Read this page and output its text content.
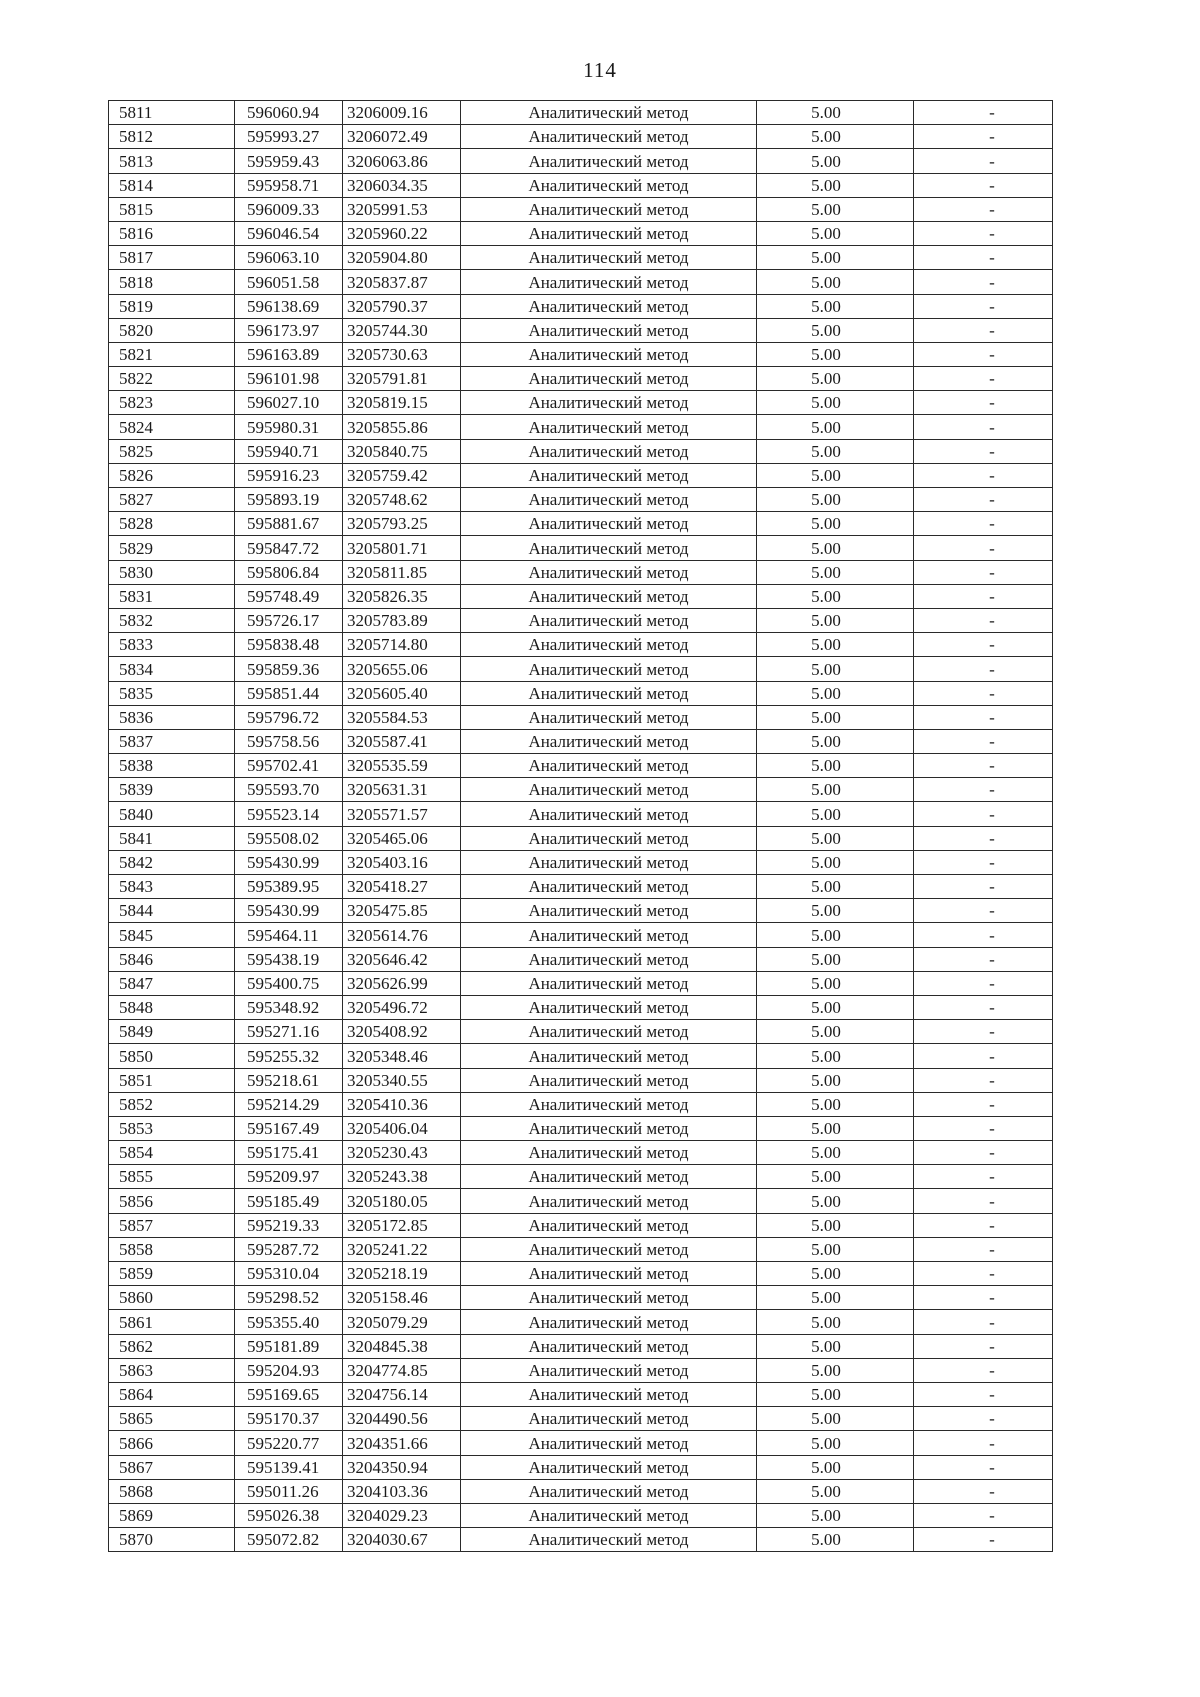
114
5811	596060.94	3206009.16	Аналитический метод	5.00	-
5812	595993.27	3206072.49	Аналитический метод	5.00	-
5813	595959.43	3206063.86	Аналитический метод	5.00	-
5814	595958.71	3206034.35	Аналитический метод	5.00	-
5815	596009.33	3205991.53	Аналитический метод	5.00	-
5816	596046.54	3205960.22	Аналитический метод	5.00	-
5817	596063.10	3205904.80	Аналитический метод	5.00	-
5818	596051.58	3205837.87	Аналитический метод	5.00	-
5819	596138.69	3205790.37	Аналитический метод	5.00	-
5820	596173.97	3205744.30	Аналитический метод	5.00	-
5821	596163.89	3205730.63	Аналитический метод	5.00	-
5822	596101.98	3205791.81	Аналитический метод	5.00	-
5823	596027.10	3205819.15	Аналитический метод	5.00	-
5824	595980.31	3205855.86	Аналитический метод	5.00	-
5825	595940.71	3205840.75	Аналитический метод	5.00	-
5826	595916.23	3205759.42	Аналитический метод	5.00	-
5827	595893.19	3205748.62	Аналитический метод	5.00	-
5828	595881.67	3205793.25	Аналитический метод	5.00	-
5829	595847.72	3205801.71	Аналитический метод	5.00	-
5830	595806.84	3205811.85	Аналитический метод	5.00	-
5831	595748.49	3205826.35	Аналитический метод	5.00	-
5832	595726.17	3205783.89	Аналитический метод	5.00	-
5833	595838.48	3205714.80	Аналитический метод	5.00	-
5834	595859.36	3205655.06	Аналитический метод	5.00	-
5835	595851.44	3205605.40	Аналитический метод	5.00	-
5836	595796.72	3205584.53	Аналитический метод	5.00	-
5837	595758.56	3205587.41	Аналитический метод	5.00	-
5838	595702.41	3205535.59	Аналитический метод	5.00	-
5839	595593.70	3205631.31	Аналитический метод	5.00	-
5840	595523.14	3205571.57	Аналитический метод	5.00	-
5841	595508.02	3205465.06	Аналитический метод	5.00	-
5842	595430.99	3205403.16	Аналитический метод	5.00	-
5843	595389.95	3205418.27	Аналитический метод	5.00	-
5844	595430.99	3205475.85	Аналитический метод	5.00	-
5845	595464.11	3205614.76	Аналитический метод	5.00	-
5846	595438.19	3205646.42	Аналитический метод	5.00	-
5847	595400.75	3205626.99	Аналитический метод	5.00	-
5848	595348.92	3205496.72	Аналитический метод	5.00	-
5849	595271.16	3205408.92	Аналитический метод	5.00	-
5850	595255.32	3205348.46	Аналитический метод	5.00	-
5851	595218.61	3205340.55	Аналитический метод	5.00	-
5852	595214.29	3205410.36	Аналитический метод	5.00	-
5853	595167.49	3205406.04	Аналитический метод	5.00	-
5854	595175.41	3205230.43	Аналитический метод	5.00	-
5855	595209.97	3205243.38	Аналитический метод	5.00	-
5856	595185.49	3205180.05	Аналитический метод	5.00	-
5857	595219.33	3205172.85	Аналитический метод	5.00	-
5858	595287.72	3205241.22	Аналитический метод	5.00	-
5859	595310.04	3205218.19	Аналитический метод	5.00	-
5860	595298.52	3205158.46	Аналитический метод	5.00	-
5861	595355.40	3205079.29	Аналитический метод	5.00	-
5862	595181.89	3204845.38	Аналитический метод	5.00	-
5863	595204.93	3204774.85	Аналитический метод	5.00	-
5864	595169.65	3204756.14	Аналитический метод	5.00	-
5865	595170.37	3204490.56	Аналитический метод	5.00	-
5866	595220.77	3204351.66	Аналитический метод	5.00	-
5867	595139.41	3204350.94	Аналитический метод	5.00	-
5868	595011.26	3204103.36	Аналитический метод	5.00	-
5869	595026.38	3204029.23	Аналитический метод	5.00	-
5870	595072.82	3204030.67	Аналитический метод	5.00	-
